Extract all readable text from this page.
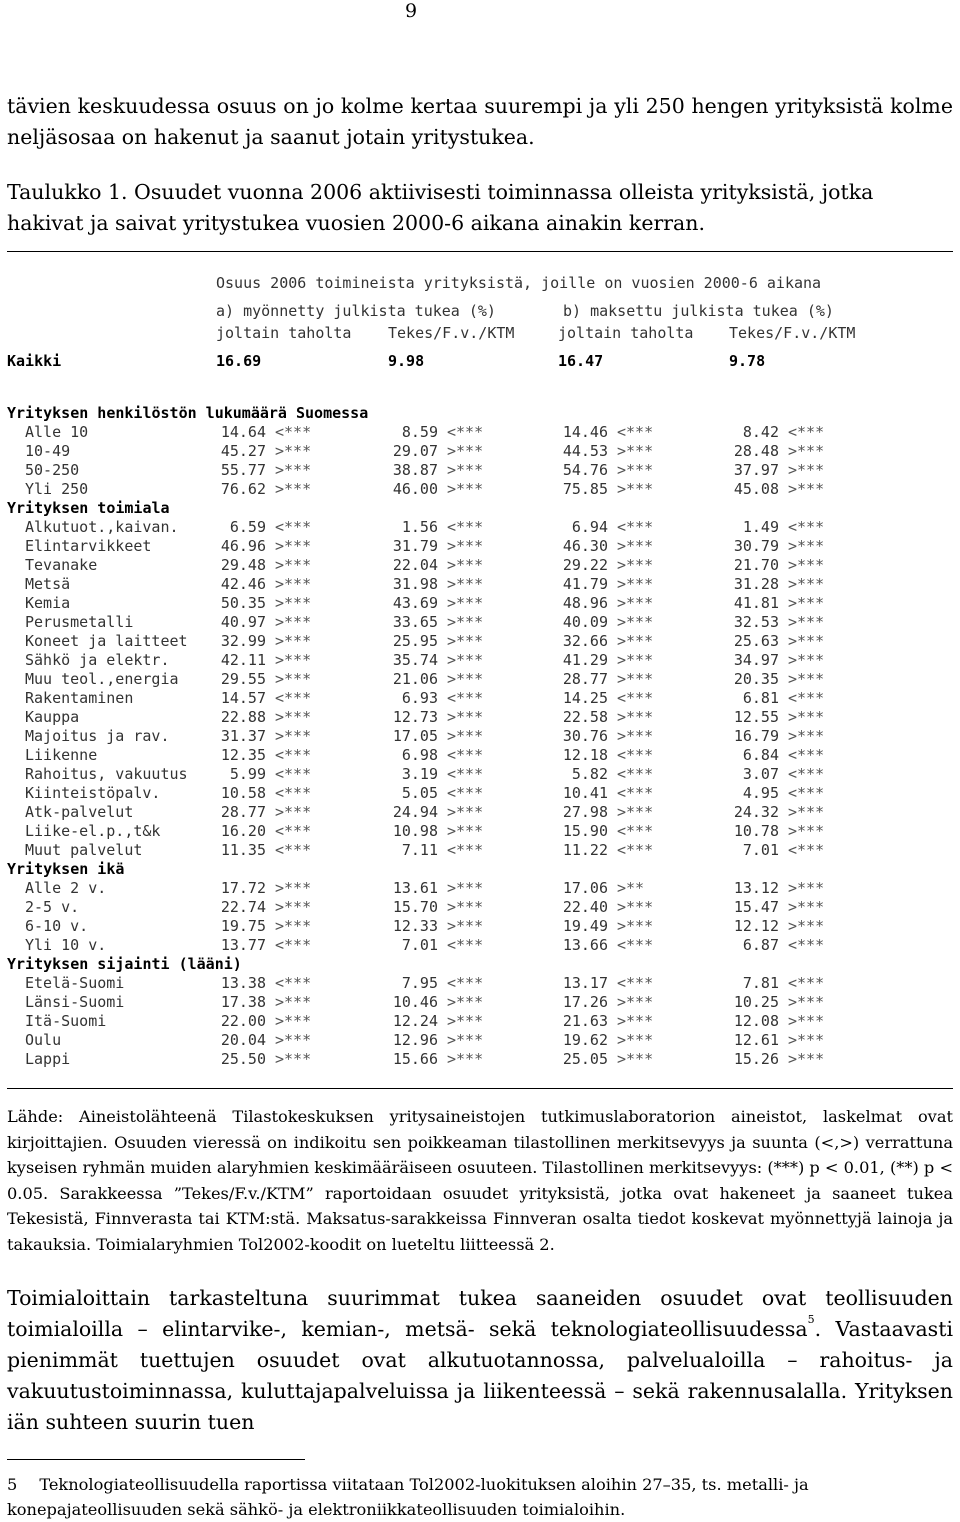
9
tävien keskuudessa osuus on jo kolme kertaa suurempi ja yli 250 hengen yrityksistä kolme neljäsosaa on hakenut ja saanut jotain yritystukea.
Taulukko 1. Osuudet vuonna 2006 aktiivisesti toiminnassa olleista yrityksistä, jotka hakivat ja saivat yritystukea vuosien 2000-6 aikana ainakin kerran.
Osuus 2006 toimineista yrityksistä, joille on vuosien 2000-6 aikana
a) myönnetty julkista tukea (%)	b) maksettu julkista tukea (%)
joltain taholta Tekes/F.v./KTM	joltain taholta Tekes/F.v./KTM
Kaikki	16.69	9.98	16.47	9.78
Yrityksen henkilöstön lukumäärä Suomessa
Alle 10	14.64 <***	8.59 <***	14.46 <***	8.42 <***
10-49	45.27 >***	29.07 >***	44.53 >***	28.48 >***
50-250	55.77 >***	38.87 >***	54.76 >***	37.97 >***
Yli 250	76.62 >***	46.00 >***	75.85 >***	45.08 >***
Yrityksen toimiala
Alkutuot.,kaivan.	6.59 <***	1.56 <***	6.94 <***	1.49 <***
Elintarvikkeet	46.96 >***	31.79 >***	46.30 >***	30.79 >***
Tevanake	29.48 >***	22.04 >***	29.22 >***	21.70 >***
Metsä	42.46 >***	31.98 >***	41.79 >***	31.28 >***
Kemia	50.35 >***	43.69 >***	48.96 >***	41.81 >***
Perusmetalli	40.97 >***	33.65 >***	40.09 >***	32.53 >***
Koneet ja laitteet	32.99 >***	25.95 >***	32.66 >***	25.63 >***
Sähkö ja elektr.	42.11 >***	35.74 >***	41.29 >***	34.97 >***
Muu teol.,energia	29.55 >***	21.06 >***	28.77 >***	20.35 >***
Rakentaminen	14.57 <***	6.93 <***	14.25 <***	6.81 <***
Kauppa	22.88 >***	12.73 >***	22.58 >***	12.55 >***
Majoitus ja rav.	31.37 >***	17.05 >***	30.76 >***	16.79 >***
Liikenne	12.35 <***	6.98 <***	12.18 <***	6.84 <***
Rahoitus, vakuutus	5.99 <***	3.19 <***	5.82 <***	3.07 <***
Kiinteistöpalv.	10.58 <***	5.05 <***	10.41 <***	4.95 <***
Atk-palvelut	28.77 >***	24.94 >***	27.98 >***	24.32 >***
Liike-el.p.,t&k	16.20 <***	10.98 >***	15.90 <***	10.78 >***
Muut palvelut	11.35 <***	7.11 <***	11.22 <***	7.01 <***
Yrityksen ikä
Alle 2 v.	17.72 >***	13.61 >***	17.06 >**	13.12 >***
2-5 v.	22.74 >***	15.70 >***	22.40 >***	15.47 >***
6-10 v.	19.75 >***	12.33 >***	19.49 >***	12.12 >***
Yli 10 v.	13.77 <***	7.01 <***	13.66 <***	6.87 <***
Yrityksen sijainti (lääni)
Etelä-Suomi	13.38 <***	7.95 <***	13.17 <***	7.81 <***
Länsi-Suomi	17.38 >***	10.46 >***	17.26 >***	10.25 >***
Itä-Suomi	22.00 >***	12.24 >***	21.63 >***	12.08 >***
Oulu	20.04 >***	12.96 >***	19.62 >***	12.61 >***
Lappi	25.50 >***	15.66 >***	25.05 >***	15.26 >***
Lähde: Aineistolähteenä Tilastokeskuksen yritysaineistojen tutkimuslaboratorion aineistot, laskelmat ovat kirjoittajien. Osuuden vieressä on indikoitu sen poikkeaman tilastollinen merkitsevyys ja suunta (<,>) verrattuna kyseisen ryhmän muiden alaryhmien keskimääräiseen osuuteen. Tilastollinen merkitsevyys: (***) p < 0.01, (**) p < 0.05. Sarakkeessa ”Tekes/F.v./KTM” raportoidaan osuudet yrityksistä, jotka ovat hakeneet ja saaneet tukea Tekesistä, Finnverasta tai KTM:stä. Maksatus-sarakkeissa Finnveran osalta tiedot koskevat myönnettyjä lainoja ja takauksia. Toimialaryhmien Tol2002-koodit on lueteltu liitteessä 2.
Toimialoittain tarkasteltuna suurimmat tukea saaneiden osuudet ovat teollisuuden toimialoilla – elintarvike-, kemian-, metsä- sekä teknologiateollisuudessa$^5$. Vastaavasti pienimmät tuettujen osuudet ovat alkutuotannossa, palvelualoilla – rahoitus- ja vakuutustoiminnassa, kuluttajapalveluissa ja liikenteessä – sekä rakennusalalla. Yrityksen iän suhteen suurin tuen
5 Teknologiateollisuudella raportissa viitataan Tol2002-luokituksen aloihin 27–35, ts. metalli- ja konepajateollisuuden sekä sähkö- ja elektroniikkateollisuuden toimialoihin.
